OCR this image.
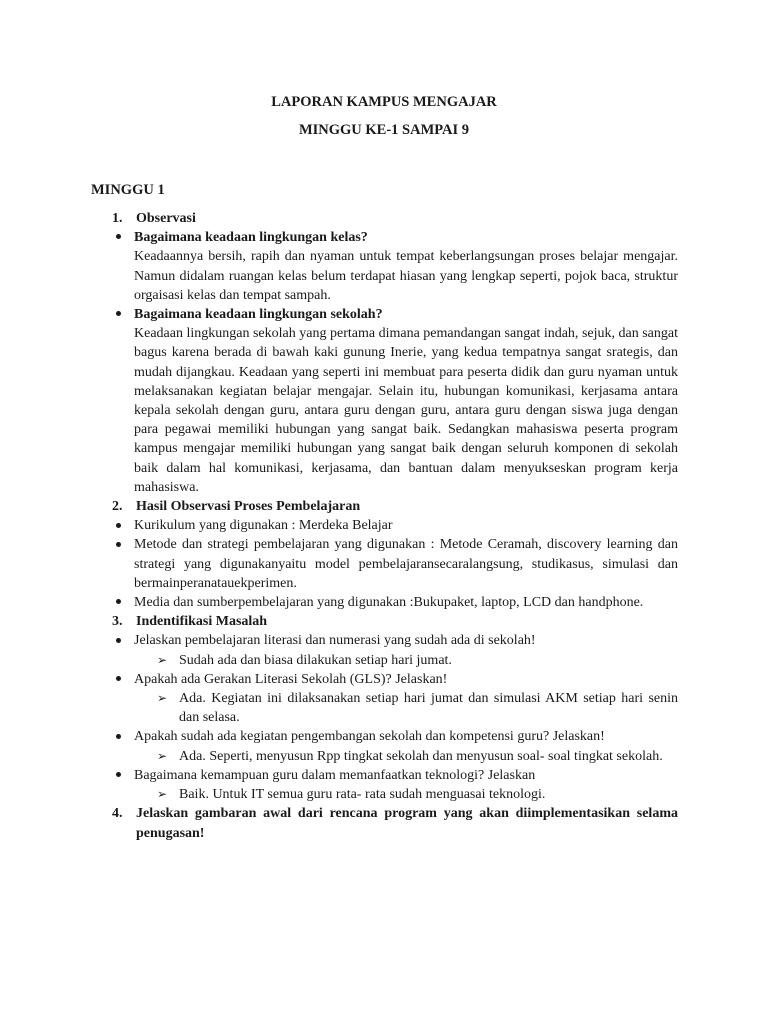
LAPORAN KAMPUS MENGAJAR
MINGGU KE-1 SAMPAI 9
MINGGU 1
1. Observasi
Bagaimana keadaan lingkungan kelas?
Keadaannya bersih, rapih dan nyaman untuk tempat keberlangsungan proses belajar mengajar. Namun didalam ruangan kelas belum terdapat hiasan yang lengkap seperti, pojok baca, struktur orgaisasi kelas dan tempat sampah.
Bagaimana keadaan lingkungan sekolah?
Keadaan lingkungan sekolah yang pertama dimana pemandangan sangat indah, sejuk, dan sangat bagus karena berada di bawah kaki gunung Inerie, yang kedua tempatnya sangat srategis, dan mudah dijangkau. Keadaan yang seperti ini membuat para peserta didik dan guru nyaman untuk melaksanakan kegiatan belajar mengajar. Selain itu, hubungan komunikasi, kerjasama antara kepala sekolah dengan guru, antara guru dengan guru, antara guru dengan siswa juga dengan para pegawai memiliki hubungan yang sangat baik. Sedangkan mahasiswa peserta program kampus mengajar memiliki hubungan yang sangat baik dengan seluruh komponen di sekolah baik dalam hal komunikasi, kerjasama, dan bantuan dalam menyukseskan program kerja mahasiswa.
2. Hasil Observasi Proses Pembelajaran
Kurikulum yang digunakan : Merdeka Belajar
Metode dan strategi pembelajaran yang digunakan : Metode Ceramah, discovery learning dan strategi yang digunakanyaitu model pembelajaransecaralangsung, studikasus, simulasi dan bermainperanatauekperimen.
Media dan sumberpembelajaran yang digunakan :Bukupaket, laptop, LCD dan handphone.
3. Indentifikasi Masalah
Jelaskan pembelajaran literasi dan numerasi yang sudah ada di sekolah!
➢ Sudah ada dan biasa dilakukan setiap hari jumat.
Apakah ada Gerakan Literasi Sekolah (GLS)? Jelaskan!
➢ Ada. Kegiatan ini dilaksanakan setiap hari jumat dan simulasi AKM setiap hari senin dan selasa.
Apakah sudah ada kegiatan pengembangan sekolah dan kompetensi guru? Jelaskan!
➢ Ada. Seperti, menyusun Rpp tingkat sekolah dan menyusun soal- soal tingkat sekolah.
Bagaimana kemampuan guru dalam memanfaatkan teknologi? Jelaskan
➢ Baik. Untuk IT semua guru rata- rata sudah menguasai teknologi.
4. Jelaskan gambaran awal dari rencana program yang akan diimplementasikan selama penugasan!
